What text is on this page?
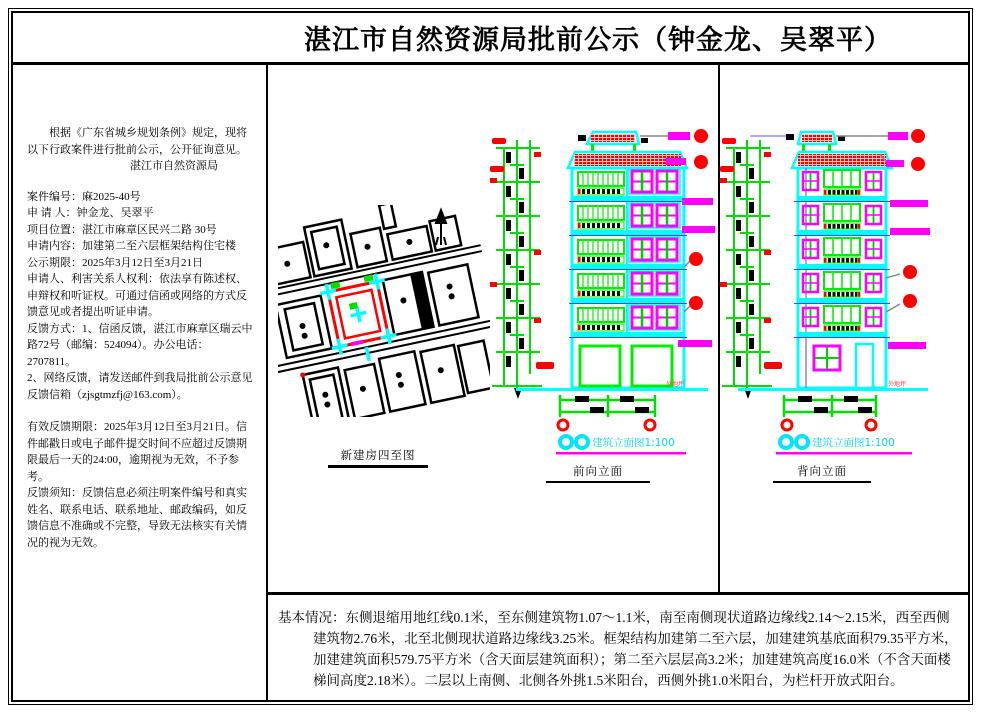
湛江市自然资源局批前公示（钟金龙、吴翠平）

根据《广东省城乡规划条例》规定，现将以下行政案件进行批前公示，公开征询意见。

湛江市自然资源局

案件编号：麻2025-40号

申 请 人：钟金龙、吴翠平

项目位置：湛江市麻章区民兴二路 30号

申请内容：加建第二至六层框架结构住宅楼

公示期限：2025年3月12日至3月21日

申请人、利害关系人权利：依法享有陈述权、申辩权和听证权。可通过信函或网络的方式反馈意见或者提出听证申请。

反馈方式：1、信函反馈，湛江市麻章区瑞云中路72号（邮编：524094）。办公电话：2707811。

2、网络反馈，请发送邮件到我局批前公示意见反馈信箱（zjsgtmzfj@163.com）。

有效反馈期限：2025年3月12日至3月21日。信件邮戳日或电子邮件提交时间不应超过反馈期限最后一天的24:00，逾期视为无效，不予参考。

反馈须知：反馈信息必须注明案件编号和真实姓名、联系电话、联系地址、邮政编码，如反馈信息不准确或不完整，导致无法核实有关情况的视为无效。

新建房四至图
外地坪
建筑立面图1:100
前向立面
外地坪
建筑立面图1:100
背向立面

基本情况：东侧退缩用地红线0.1米，至东侧建筑物1.07～1.1米，南至南侧现状道路边缘线2.14～2.15米，西至西侧建筑物2.76米，北至北侧现状道路边缘线3.25米。框架结构加建第二至六层，加建建筑基底面积79.35平方米，加建建筑面积579.75平方米（含天面层建筑面积）；第二至六层层高3.2米；加建建筑高度16.0米（不含天面楼梯间高度2.18米）。二层以上南侧、北侧各外挑1.5米阳台，西侧外挑1.0米阳台，为栏杆开放式阳台。
